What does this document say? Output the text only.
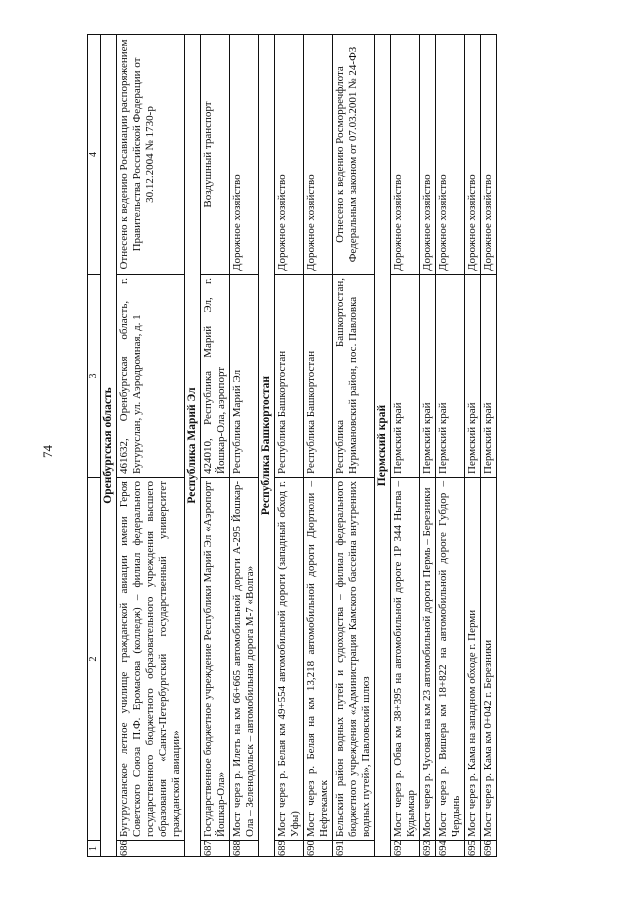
74
1	2	3	4
Оренбургская область			
686	Бугурусланское летное училище гражданской авиации имени Героя Советского Союза П.Ф. Еромасова (колледж) – филиал федерального государственного бюджетного образовательного учреждения высшего образования «Санкт-Петербургский государственный университет гражданской авиации»	461632, Оренбургская область, г. Бугуруслан, ул. Аэродромная, д. 1	Отнесено к ведению Росавиации распоряжением Правительства Российской Федерации от 30.12.2004 № 1730-р
Республика Марий Эл			
687	Государственное бюджетное учреждение Республики Марий Эл «Аэропорт Йошкар-Ола»	424010, Республика Марий Эл, г. Йошкар-Ола, аэропорт	Воздушный транспорт
688	Мост через р. Илеть на км 66+665 автомобильной дороги А-295 Йошкар-Ола – Зеленодольск – автомобильная дорога М-7 «Волга»	Республика Марий Эл	Дорожное хозяйство
Республика Башкортостан			
689	Мост через р. Белая км 49+554 автомобильной дороги (западный обход г. Уфы)	Республика Башкортостан	Дорожное хозяйство
690	Мост через р. Белая на км 13,218 автомобильной дороги Дюртюли – Нефтекамск	Республика Башкортостан	Дорожное хозяйство
691	Бельский район водных путей и судоходства – филиал федерального бюджетного учреждения «Администрация Камского бассейна внутренних водных путей», Павловский шлюз	Республика Башкортостан, Нуримановский район, пос. Павловка	Отнесено к ведению Росморречфлота Федеральным законом от 07.03.2001 № 24-ФЗ
Пермский край			
692	Мост через р. Обва км 38+395 на автомобильной дороге 1Р 344 Нытва – Кудымкар	Пермский край	Дорожное хозяйство
693	Мост через р. Чусовая на км 23 автомобильной дороги Пермь – Березники	Пермский край	Дорожное хозяйство
694	Мост через р. Вишера км 18+822 на автомобильной дороге Губдор – Чердынь	Пермский край	Дорожное хозяйство
695	Мост через р. Кама на западном обходе г. Перми	Пермский край	Дорожное хозяйство
696	Мост через р. Кама км 0+042 г. Березники	Пермский край	Дорожное хозяйство
